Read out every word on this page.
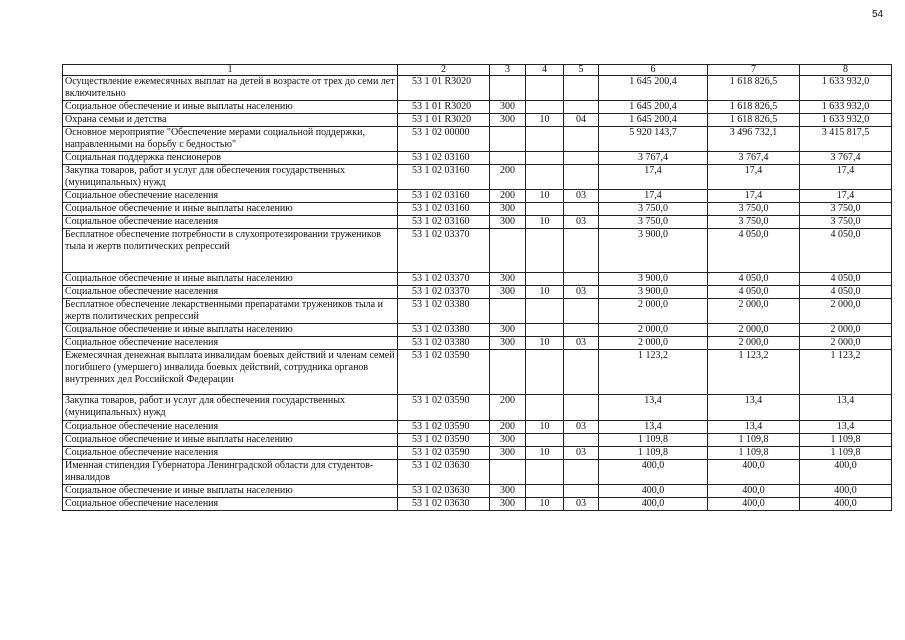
54
1	2	3	4	5	6	7	8
Осуществление ежемесячных выплат на детей в возрасте от трех до семи лет включительно	53 1 01 R3020				1 645 200,4	1 618 826,5	1 633 932,0
Социальное обеспечение и иные выплаты населению	53 1 01 R3020	300			1 645 200,4	1 618 826,5	1 633 932,0
Охрана семьи и детства	53 1 01 R3020	300	10	04	1 645 200,4	1 618 826,5	1 633 932,0
Основное мероприятие "Обеспечение мерами социальной поддержки, направленными на борьбу с бедностью"	53 1 02 00000				5 920 143,7	3 496 732,1	3 415 817,5
Социальная поддержка пенсионеров	53 1 02 03160				3 767,4	3 767,4	3 767,4
Закупка товаров, работ и услуг для обеспечения государственных (муниципальных) нужд	53 1 02 03160	200			17,4	17,4	17,4
Социальное обеспечение населения	53 1 02 03160	200	10	03	17,4	17,4	17,4
Социальное обеспечение и иные выплаты населению	53 1 02 03160	300			3 750,0	3 750,0	3 750,0
Социальное обеспечение населения	53 1 02 03160	300	10	03	3 750,0	3 750,0	3 750,0
Бесплатное обеспечение потребности в слухопротезировании тружеников тыла и жертв политических репрессий	53 1 02 03370				3 900,0	4 050,0	4 050,0
Социальное обеспечение и иные выплаты населению	53 1 02 03370	300			3 900,0	4 050,0	4 050,0
Социальное обеспечение населения	53 1 02 03370	300	10	03	3 900,0	4 050,0	4 050,0
Бесплатное обеспечение лекарственными препаратами тружеников тыла и жертв политических репрессий	53 1 02 03380				2 000,0	2 000,0	2 000,0
Социальное обеспечение и иные выплаты населению	53 1 02 03380	300			2 000,0	2 000,0	2 000,0
Социальное обеспечение населения	53 1 02 03380	300	10	03	2 000,0	2 000,0	2 000,0
Ежемесячная денежная выплата инвалидам боевых действий и членам семей погибшего (умершего) инвалида боевых действий, сотрудника органов внутренних дел Российской Федерации	53 1 02 03590				1 123,2	1 123,2	1 123,2
Закупка товаров, работ и услуг для обеспечения государственных (муниципальных) нужд	53 1 02 03590	200			13,4	13,4	13,4
Социальное обеспечение населения	53 1 02 03590	200	10	03	13,4	13,4	13,4
Социальное обеспечение и иные выплаты населению	53 1 02 03590	300			1 109,8	1 109,8	1 109,8
Социальное обеспечение населения	53 1 02 03590	300	10	03	1 109,8	1 109,8	1 109,8
Именная стипендия Губернатора Ленинградской области для студентов-инвалидов	53 1 02 03630				400,0	400,0	400,0
Социальное обеспечение и иные выплаты населению	53 1 02 03630	300			400,0	400,0	400,0
Социальное обеспечение населения	53 1 02 03630	300	10	03	400,0	400,0	400,0
